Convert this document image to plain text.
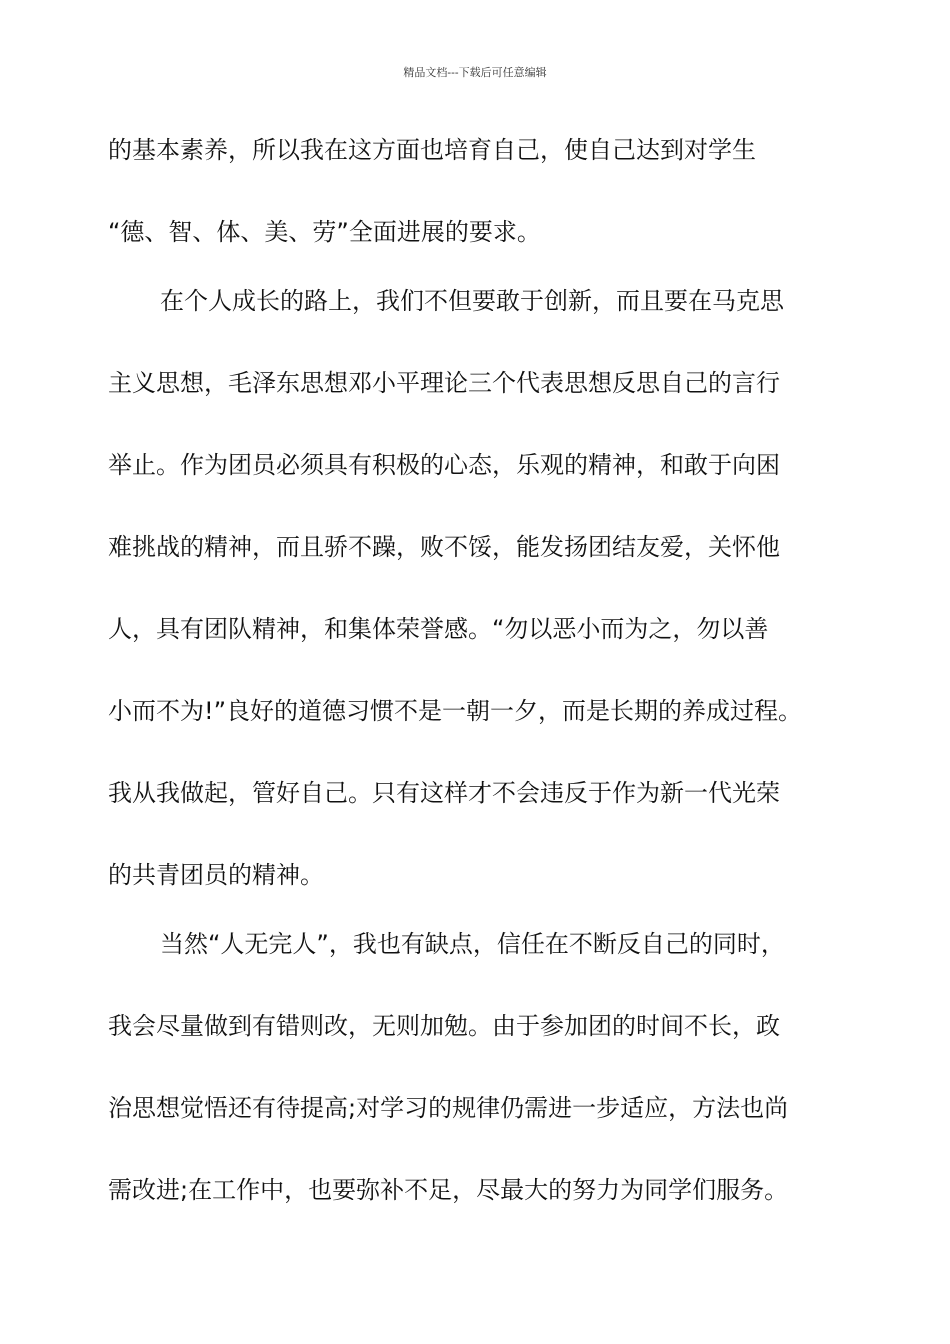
精品文档---下载后可任意编辑
的基本素养，所以我在这方面也培育自己，使自己达到对学生
“德、智、体、美、劳”全面进展的要求。
在个人成长的路上，我们不但要敢于创新，而且要在马克思
主义思想，毛泽东思想邓小平理论三个代表思想反思自己的言行
举止。作为团员必须具有积极的心态，乐观的精神，和敢于向困
难挑战的精神，而且骄不躁，败不馁，能发扬团结友爱，关怀他
人，具有团队精神，和集体荣誉感。“勿以恶小而为之，勿以善
小而不为!”良好的道德习惯不是一朝一夕，而是长期的养成过程。
我从我做起，管好自己。只有这样才不会违反于作为新一代光荣
的共青团员的精神。
当然“人无完人”，我也有缺点，信任在不断反自己的同时，
我会尽量做到有错则改，无则加勉。由于参加团的时间不长，政
治思想觉悟还有待提高;对学习的规律仍需进一步适应，方法也尚
需改进;在工作中，也要弥补不足，尽最大的努力为同学们服务。
